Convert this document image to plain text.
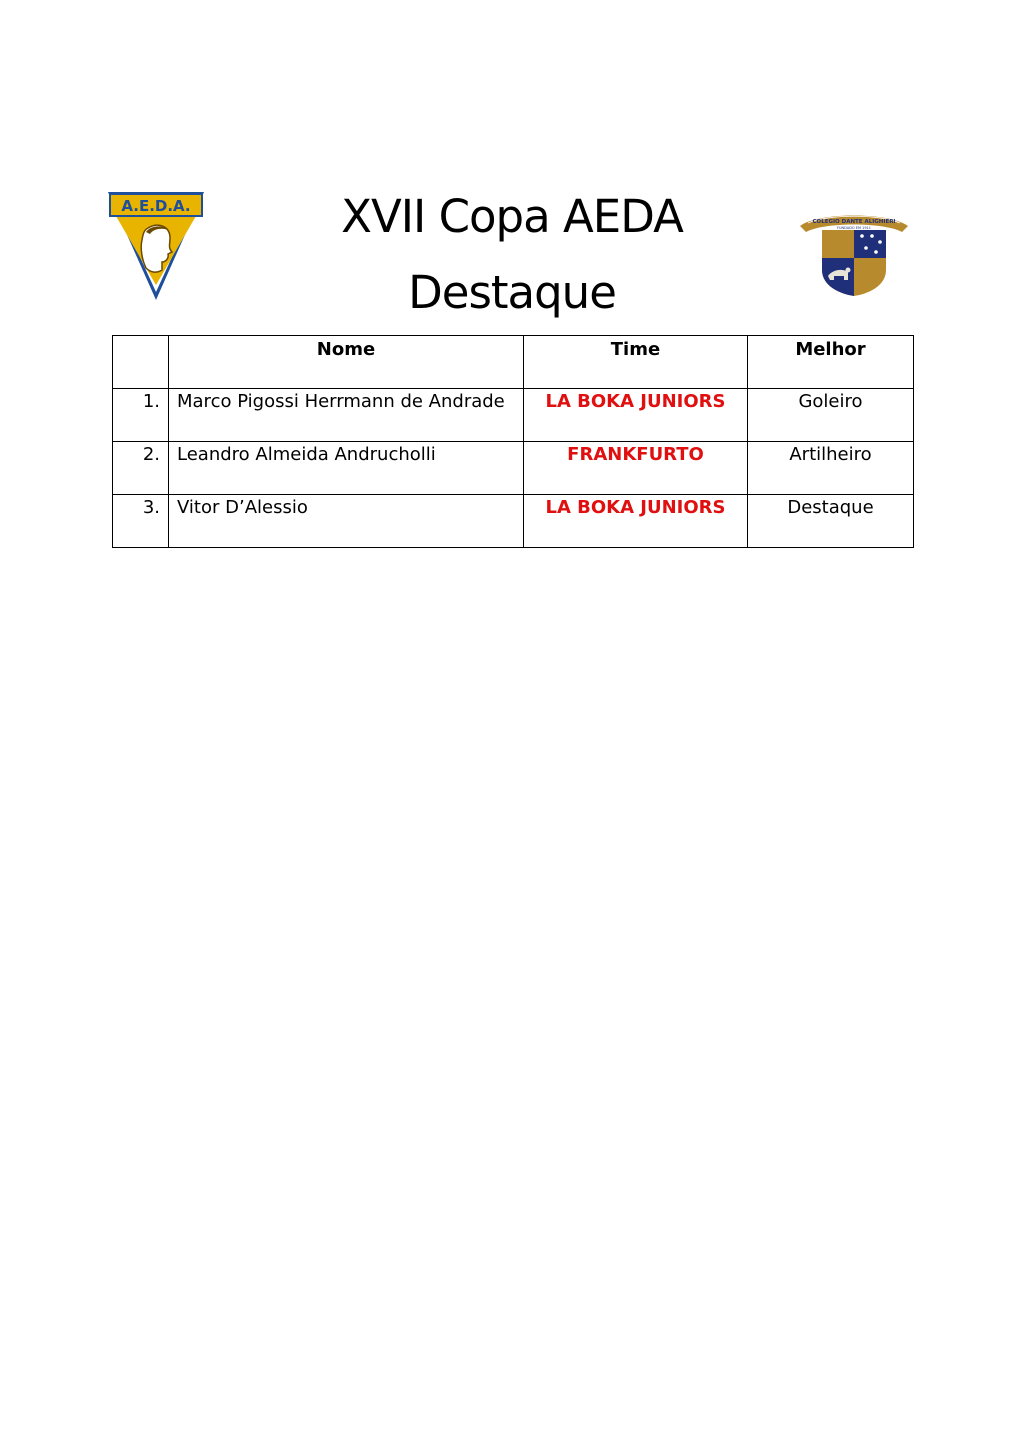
A.E.D.A.
COLEGIO DANTE ALIGHIERI
FUNDADO EM 1911
XVII Copa AEDA
Destaque
	Nome	Time	Melhor
1.	Marco Pigossi Herrmann de Andrade	LA BOKA JUNIORS	Goleiro
2.	Leandro Almeida Andrucholli	FRANKFURTO	Artilheiro
3.	Vitor D’Alessio	LA BOKA JUNIORS	Destaque
